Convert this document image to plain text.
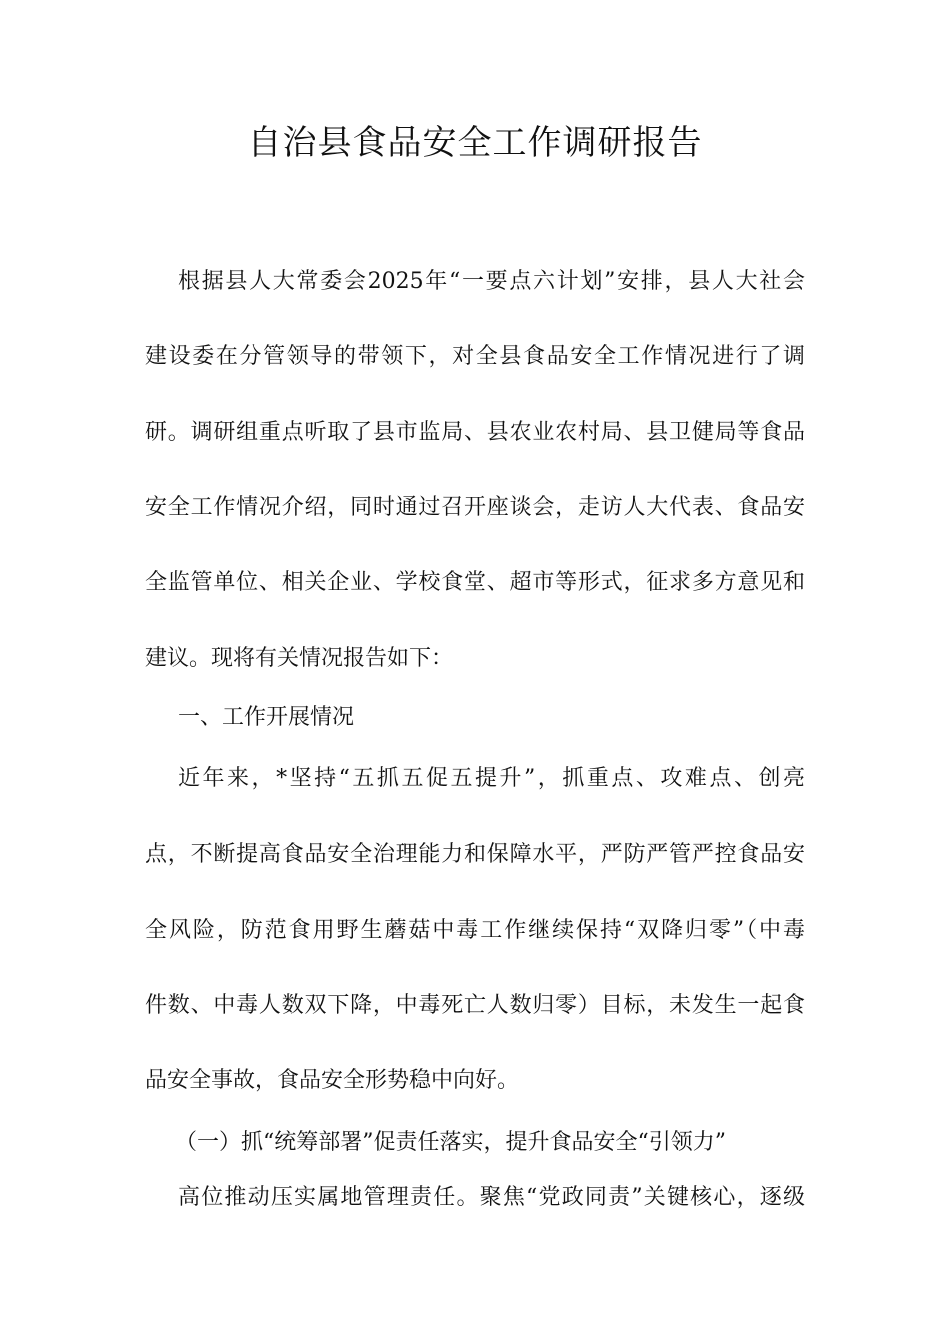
自治县食品安全工作调研报告
根据县人大常委会2025年“一要点六计划”安排，县人大社会
建设委在分管领导的带领下，对全县食品安全工作情况进行了调
研。调研组重点听取了县市监局、县农业农村局、县卫健局等食品
安全工作情况介绍，同时通过召开座谈会，走访人大代表、食品安
全监管单位、相关企业、学校食堂、超市等形式，征求多方意见和
建议。现将有关情况报告如下：
一、工作开展情况
近年来，*坚持“五抓五促五提升”，抓重点、攻难点、创亮
点，不断提高食品安全治理能力和保障水平，严防严管严控食品安
全风险，防范食用野生蘑菇中毒工作继续保持“双降归零”（中毒
件数、中毒人数双下降，中毒死亡人数归零）目标，未发生一起食
品安全事故，食品安全形势稳中向好。
（一）抓“统筹部署”促责任落实，提升食品安全“引领力”
高位推动压实属地管理责任。聚焦“党政同责”关键核心，逐级
